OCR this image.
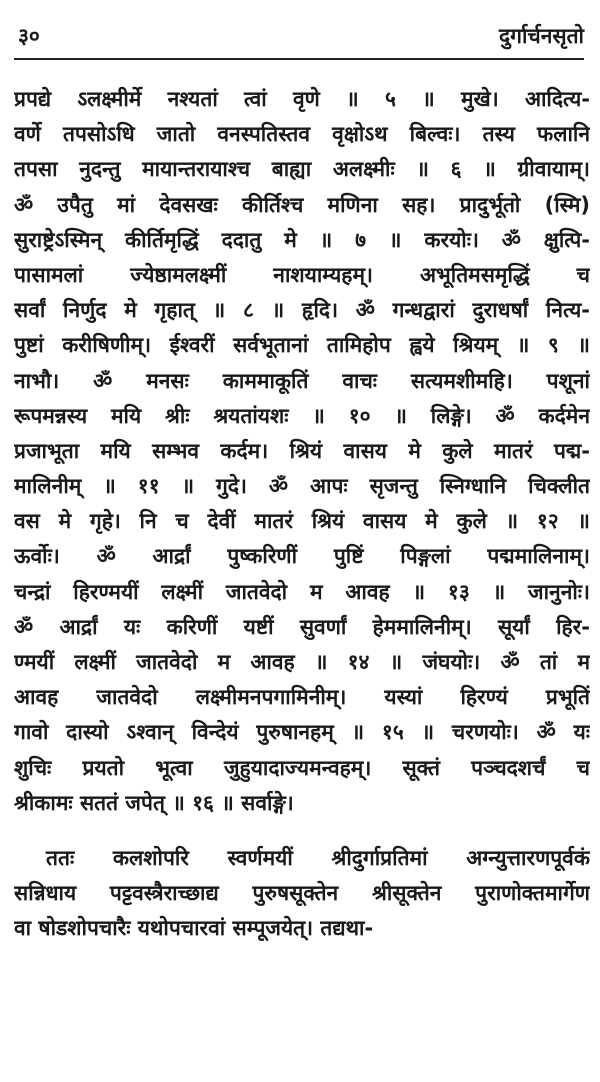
३०	दुर्गार्चनसृतो
प्रपद्ये ऽलक्ष्मीर्मे नश्यतां त्वां वृणे ॥ ५ ॥ मुखे। आदित्य-
वर्णे तपसोऽधि जातो वनस्पतिस्तव वृक्षोऽथ बिल्वः। तस्य फलानि
तपसा नुदन्तु मायान्तरायाश्च बाह्या अलक्ष्मीः ॥ ६ ॥ ग्रीवायाम्।
ॐ उपैतु मां देवसखः कीर्तिश्च मणिना सह। प्रादुर्भूतो (स्मि)
सुराष्ट्रेऽस्मिन् कीर्तिमृद्धिं ददातु मे ॥ ७ ॥ करयोः। ॐ क्षुत्पि-
पासामलां ज्येष्ठामलक्ष्मीं नाशयाम्यहम्। अभूतिमसमृद्धिं च
सर्वां निर्णुद मे गृहात् ॥ ८ ॥ हृदि। ॐ गन्धद्वारां दुराधर्षां नित्य-
पुष्टां करीषिणीम्। ईश्वरीं सर्वभूतानां तामिहोप ह्वये श्रियम् ॥ ९ ॥
नाभौ। ॐ मनसः काममाकूतिं वाचः सत्यमशीमहि। पशूनां
रूपमन्नस्य मयि श्रीः श्रयतांयशः ॥ १० ॥ लिङ्गे। ॐ कर्दमेन
प्रजाभूता मयि सम्भव कर्दम। श्रियं वासय मे कुले मातरं पद्म-
मालिनीम् ॥ ११ ॥ गुदे। ॐ आपः सृजन्तु स्निग्धानि चिक्लीत
वस मे गृहे। नि च देवीं मातरं श्रियं वासय मे कुले ॥ १२ ॥
ऊर्वोः। ॐ आर्द्रां पुष्करिणीं पुष्टिं पिङ्गलां पद्ममालिनाम्।
चन्द्रां हिरण्मयीं लक्ष्मीं जातवेदो म आवह ॥ १३ ॥ जानुनोः।
ॐ आर्द्रां यः करिणीं यष्टीं सुवर्णां हेममालिनीम्। सूर्यां हिर-
ण्मयीं लक्ष्मीं जातवेदो म आवह ॥ १४ ॥ जंघयोः। ॐ तां म
आवह जातवेदो लक्ष्मीमनपगामिनीम्। यस्यां हिरण्यं प्रभूतिं
गावो दास्यो ऽश्वान् विन्देयं पुरुषानहम् ॥ १५ ॥ चरणयोः। ॐ यः
शुचिः प्रयतो भूत्वा जुहुयादाज्यमन्वहम्। सूक्तं पञ्चदशर्चं च
श्रीकामः सततं जपेत् ॥ १६ ॥ सर्वाङ्गे।
ततः कलशोपरि स्वर्णमयीं श्रीदुर्गाप्रतिमां अग्न्युत्तारणपूर्वकं
सन्निधाय पट्टवस्त्रैराच्छाद्य पुरुषसूक्तेन श्रीसूक्तेन पुराणोक्तमार्गेण
वा षोडशोपचारैः यथोपचारवां सम्पूजयेत्। तद्यथा-
